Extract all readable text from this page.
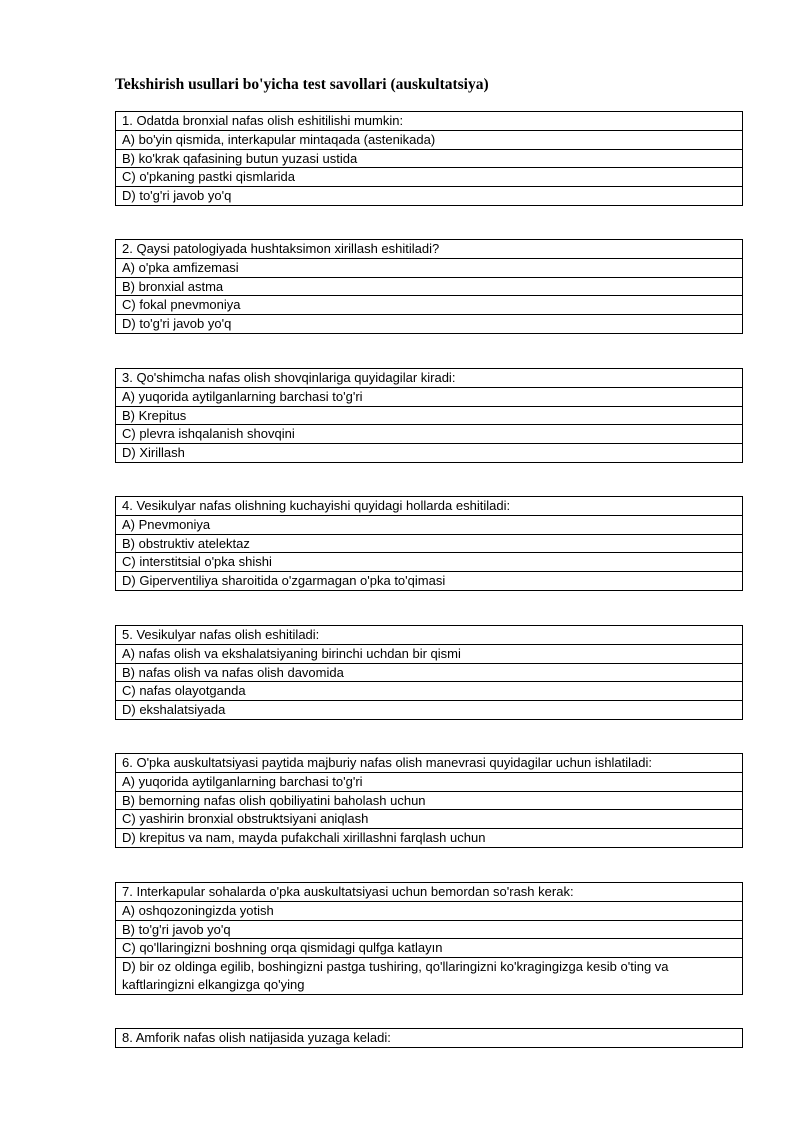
Tekshirish usullari bo'yicha test savollari (auskultatsiya)
1. Odatda bronxial nafas olish eshitilishi mumkin:
A) bo'yin qismida, interkapular mintaqada (astenikada)
B) ko'krak qafasining butun yuzasi ustida
C) o'pkaning pastki qismlarida
D) to'g'ri javob yo'q
2. Qaysi patologiyada hushtaksimon xirillash eshitiladi?
A) o'pka amfizemasi
B) bronxial astma
C) fokal pnevmoniya
D) to'g'ri javob yo'q
3. Qo'shimcha nafas olish shovqinlariga quyidagilar kiradi:
A) yuqorida aytilganlarning barchasi to'g'ri
B) Krepitus
C) plevra ishqalanish shovqini
D) Xirillash
4. Vesikulyar nafas olishning kuchayishi quyidagi hollarda eshitiladi:
A) Pnevmoniya
B) obstruktiv atelektaz
C) interstitsial o'pka shishi
D) Giperventiliya sharoitida o'zgarmagan o'pka to'qimasi
5. Vesikulyar nafas olish eshitiladi:
A) nafas olish va ekshalatsiyaning birinchi uchdan bir qismi
B) nafas olish va nafas olish davomida
C) nafas olayotganda
D) ekshalatsiyada
6. O'pka auskultatsiyasi paytida majburiy nafas olish manevrasi quyidagilar uchun ishlatiladi:
A) yuqorida aytilganlarning barchasi to'g'ri
B) bemorning nafas olish qobiliyatini baholash uchun
C) yashirin bronxial obstruktsiyani aniqlash
D) krepitus va nam, mayda pufakchali xirillashni farqlash uchun
7. Interkapular sohalarda o'pka auskultatsiyasi uchun bemordan so'rash kerak:
A) oshqozoningizda yotish
B) to'g'ri javob yo'q
C) qo'llaringizni boshning orqa qismidagi qulfga katlayın
D) bir oz oldinga egilib, boshingizni pastga tushiring, qo'llaringizni ko'kragingizga kesib o'ting va kaftlaringizni elkangizga qo'ying
8. Amforik nafas olish natijasida yuzaga keladi:
